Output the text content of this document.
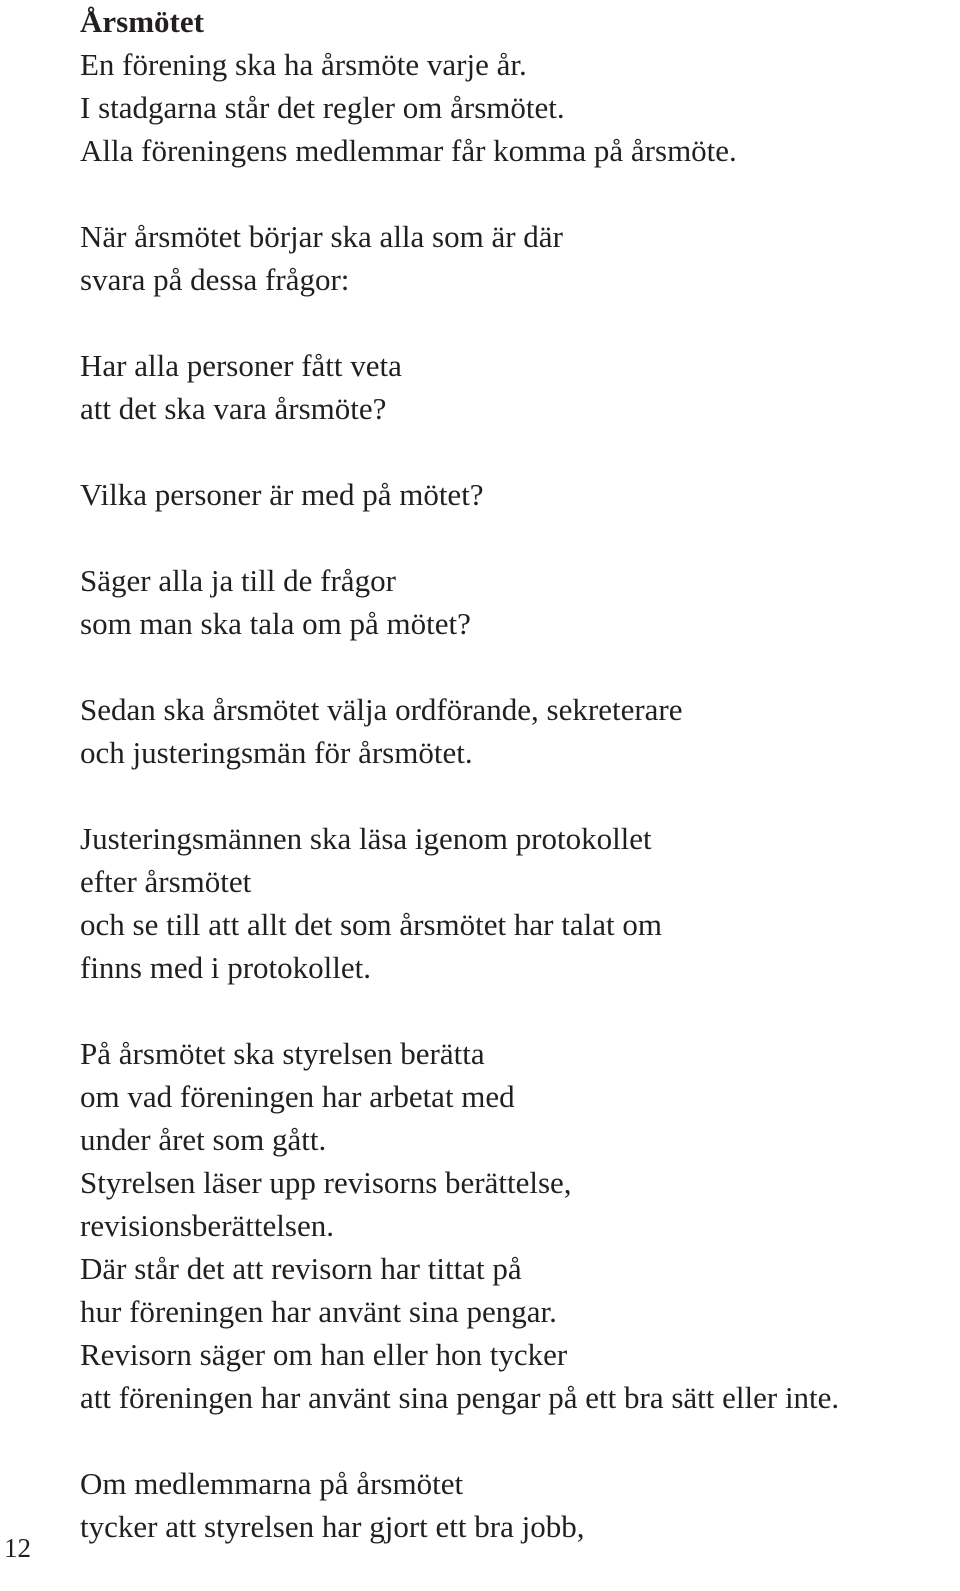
Årsmötet
En förening ska ha årsmöte varje år.
I stadgarna står det regler om årsmötet.
Alla föreningens medlemmar får komma på årsmöte.
När årsmötet börjar ska alla som är där
svara på dessa frågor:
Har alla personer fått veta
att det ska vara årsmöte?
Vilka personer är med på mötet?
Säger alla ja till de frågor
som man ska tala om på mötet?
Sedan ska årsmötet välja ordförande, sekreterare
och justeringsmän för årsmötet.
Justeringsmännen ska läsa igenom protokollet
efter årsmötet
och se till att allt det som årsmötet har talat om
finns med i protokollet.
På årsmötet ska styrelsen berätta
om vad föreningen har arbetat med
under året som gått.
Styrelsen läser upp revisorns berättelse,
revisionsberättelsen.
Där står det att revisorn har tittat på
hur föreningen har använt sina pengar.
Revisorn säger om han eller hon tycker
att föreningen har använt sina pengar på ett bra sätt eller inte.
Om medlemmarna på årsmötet
tycker att styrelsen har gjort ett bra jobb,
12
